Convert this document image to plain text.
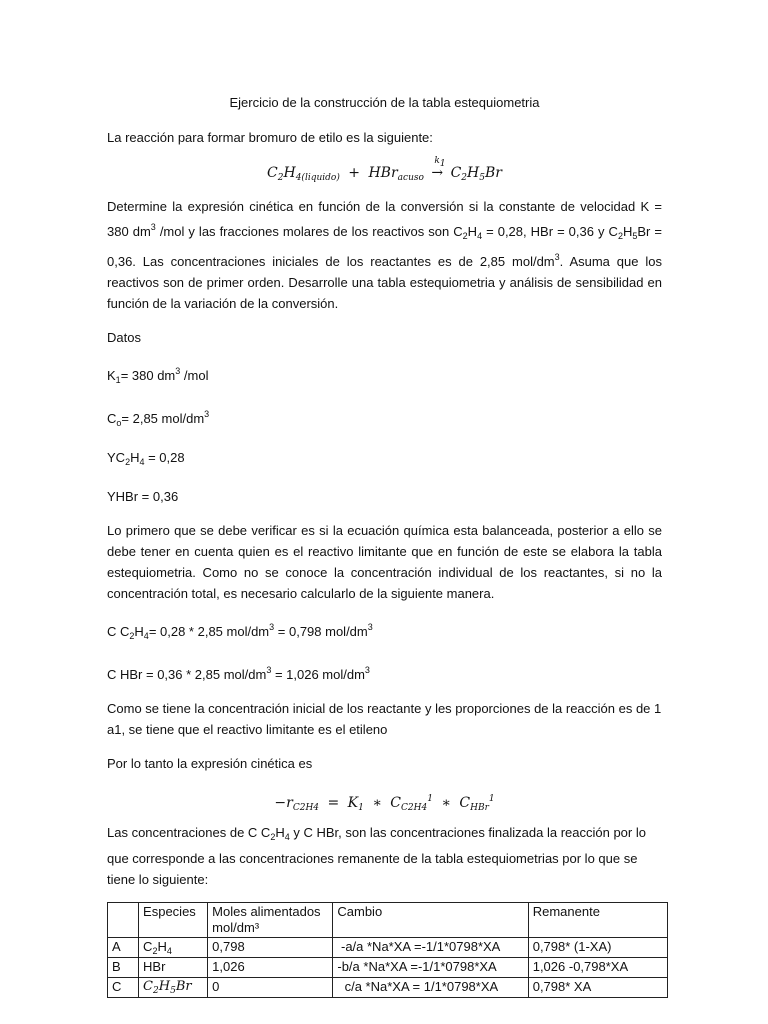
Ejercicio de la construcción de la tabla estequiometria

La reacción para formar bromuro de etilo es la siguiente:

$C_2H_{4(liquido)} + HBr_{acuso}$
k1
→ $C_2H_5Br$

Determine la expresión cinética en función de la conversión si la constante de velocidad K = 380 $dm^3$ /mol y las fracciones molares de los reactivos son $C_2H_4 = 0,28$, HBr = 0,36 y $C_2H_5Br = 0,36$. Las concentraciones iniciales de los reactantes es de 2,85 mol/$dm^3$. Asuma que los reactivos son de primer orden. Desarrolle una tabla estequiometria y análisis de sensibilidad en función de la variación de la conversión.

Datos

$K_1= 380$ $dm^3$ /mol

$C_o= 2,85$ mol/$dm^3$

$YC_2H_4 = 0,28$

YHBr = 0,36

Lo primero que se debe verificar es si la ecuación química esta balanceada, posterior a ello se debe tener en cuenta quien es el reactivo limitante que en función de este se elabora la tabla estequiometria. Como no se conoce la concentración individual de los reactantes, si no la concentración total, es necesario calcularlo de la siguiente manera.

C $C_2H_4= 0,28 * 2,85$ mol/$dm^3 = 0,798$ mol/$dm^3$

C HBr = 0,36 * 2,85 mol/$dm^3 = 1,026$ mol/$dm^3$

Como se tiene la concentración inicial de los reactante y les proporciones de la reacción es de 1 a1, se tiene que el reactivo limitante es el etileno

Por lo tanto la expresión cinética es

$-r_{C2H4} = K_1$ ∗ $C_{C2H4}^1$ ∗ $C_{HBr}^1$

Las concentraciones de C $C_2H_4$ y C HBr, son las concentraciones finalizada la reacción por lo que corresponde a las concentraciones remanente de la tabla estequiometrias por lo que se tiene lo siguiente:

	Especies	Moles alimentados mol/dm³	Cambio	Remanente
A	$C_2H_4$	0,798	-a/a *Na*XA =-1/1*0798*XA	0,798* (1-XA)
B	HBr	1,026	-b/a *Na*XA =-1/1*0798*XA	1,026 -0,798*XA
C	$C_2H_5Br$	0	c/a *Na*XA = 1/1*0798*XA	0,798* XA
